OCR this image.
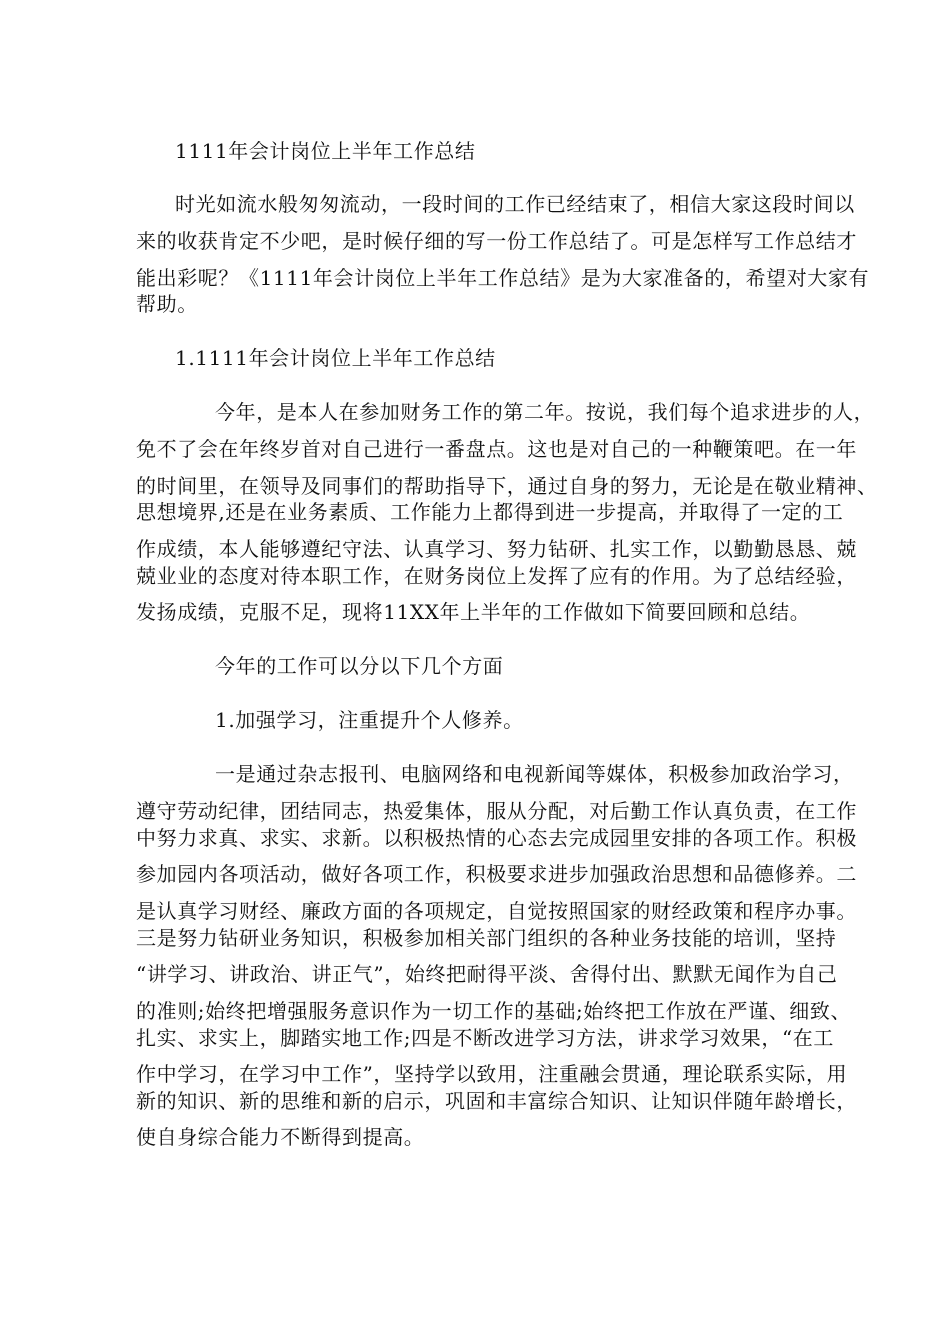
1111年会计岗位上半年工作总结
时光如流水般匆匆流动，一段时间的工作已经结束了，相信大家这段时间以
来的收获肯定不少吧，是时候仔细的写一份工作总结了。可是怎样写工作总结才
能出彩呢？《1111年会计岗位上半年工作总结》是为大家准备的，希望对大家有
帮助。
1.1111年会计岗位上半年工作总结
今年，是本人在参加财务工作的第二年。按说，我们每个追求进步的人，
免不了会在年终岁首对自己进行一番盘点。这也是对自己的一种鞭策吧。在一年
的时间里，在领导及同事们的帮助指导下，通过自身的努力，无论是在敬业精神、
思想境界,还是在业务素质、工作能力上都得到进一步提高，并取得了一定的工
作成绩，本人能够遵纪守法、认真学习、努力钻研、扎实工作，以勤勤恳恳、兢
兢业业的态度对待本职工作，在财务岗位上发挥了应有的作用。为了总结经验，
发扬成绩，克服不足，现将11XX年上半年的工作做如下简要回顾和总结。
今年的工作可以分以下几个方面
1.加强学习，注重提升个人修养。
一是通过杂志报刊、电脑网络和电视新闻等媒体，积极参加政治学习，
遵守劳动纪律，团结同志，热爱集体，服从分配，对后勤工作认真负责，在工作
中努力求真、求实、求新。以积极热情的心态去完成园里安排的各项工作。积极
参加园内各项活动，做好各项工作，积极要求进步加强政治思想和品德修养。二
是认真学习财经、廉政方面的各项规定，自觉按照国家的财经政策和程序办事。
三是努力钻研业务知识，积极参加相关部门组织的各种业务技能的培训，坚持
“讲学习、讲政治、讲正气”，始终把耐得平淡、舍得付出、默默无闻作为自己
的准则;始终把增强服务意识作为一切工作的基础;始终把工作放在严谨、细致、
扎实、求实上，脚踏实地工作;四是不断改进学习方法，讲求学习效果，“在工
作中学习，在学习中工作”，坚持学以致用，注重融会贯通，理论联系实际，用
新的知识、新的思维和新的启示，巩固和丰富综合知识、让知识伴随年龄增长，
使自身综合能力不断得到提高。
